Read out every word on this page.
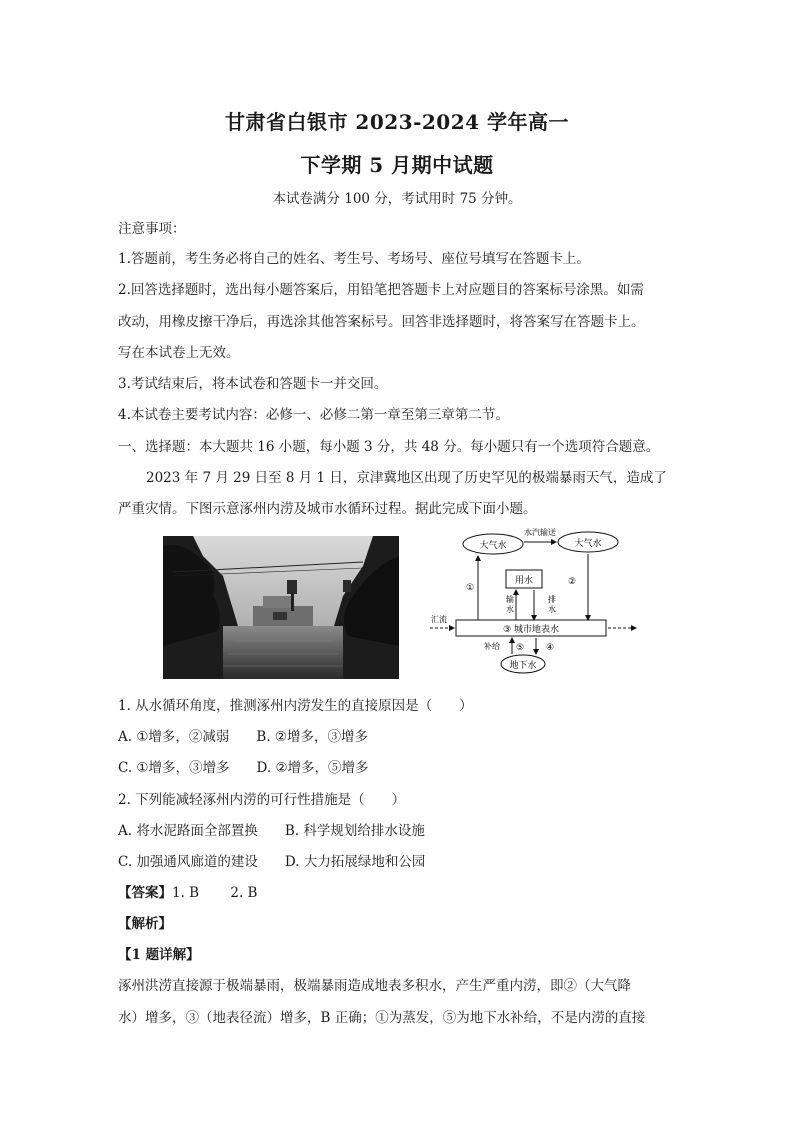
甘肃省白银市 2023-2024 学年高一
下学期 5 月期中试题
本试卷满分 100 分，考试用时 75 分钟。
注意事项：
1.答题前，考生务必将自己的姓名、考生号、考场号、座位号填写在答题卡上。
2.回答选择题时，选出每小题答案后，用铅笔把答题卡上对应题目的答案标号涂黑。如需
改动，用橡皮擦干净后，再选涂其他答案标号。回答非选择题时，将答案写在答题卡上。
写在本试卷上无效。
3.考试结束后，将本试卷和答题卡一并交回。
4.本试卷主要考试内容：必修一、必修二第一章至第三章第二节。
一、选择题：本大题共 16 小题，每小题 3 分，共 48 分。每小题只有一个选项符合题意。
2023 年 7 月 29 日至 8 月 1 日，京津冀地区出现了历史罕见的极端暴雨天气，造成了
严重灾情。下图示意涿州内涝及城市水循环过程。据此完成下面小题。
大气水	大气水
水汽输送
用水
输水
排水
①
②
③ 城市地表水
汇流
地下水
④
补给 ⑤
1. 从水循环角度，推测涿州内涝发生的直接原因是（　　）
A. ①增多，②减弱　　B. ②增多，③增多
C. ①增多，③增多　　D. ②增多，⑤增多
2. 下列能减轻涿州内涝的可行性措施是（　　）
A. 将水泥路面全部置换　　B. 科学规划给排水设施
C. 加强通风廊道的建设　　D. 大力拓展绿地和公园
【答案】1. B　　 2. B
【解析】
【1 题详解】
涿州洪涝直接源于极端暴雨，极端暴雨造成地表多积水，产生严重内涝，即②（大气降
水）增多，③（地表径流）增多，B 正确；①为蒸发，⑤为地下水补给，不是内涝的直接
